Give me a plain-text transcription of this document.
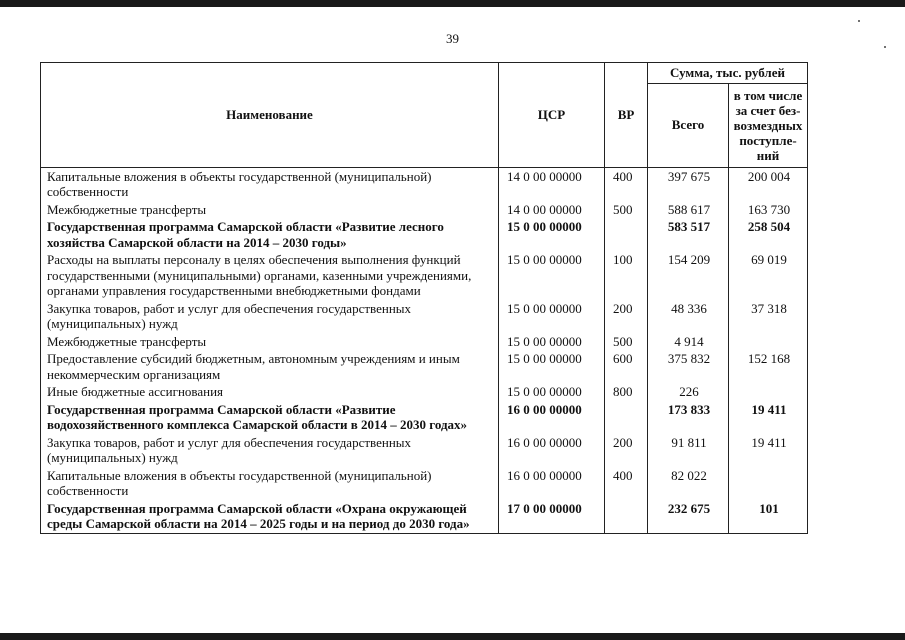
39
Наименование	ЦСР	ВР	Сумма, тыс. рублей	
			Всего	в том числе за счет без-возмездных поступле-ний
Капитальные вложения в объекты государственной (муниципальной) собственности	14 0 00 00000	400	397 675	200 004
Межбюджетные трансферты	14 0 00 00000	500	588 617	163 730
Государственная программа Самарской области «Развитие лесного хозяйства Самарской области на 2014 – 2030 годы»	15 0 00 00000		583 517	258 504
Расходы на выплаты персоналу в целях обеспечения выполнения функций государственными (муниципальными) органами, казенными учреждениями, органами управления государственными внебюджетными фондами	15 0 00 00000	100	154 209	69 019
Закупка товаров, работ и услуг для обеспечения государственных (муниципальных) нужд	15 0 00 00000	200	48 336	37 318
Межбюджетные трансферты	15 0 00 00000	500	4 914	
Предоставление субсидий бюджетным, автономным учреждениям и иным некоммерческим организациям	15 0 00 00000	600	375 832	152 168
Иные бюджетные ассигнования	15 0 00 00000	800	226	
Государственная программа Самарской области «Развитие водохозяйственного комплекса Самарской области в 2014 – 2030 годах»	16 0 00 00000		173 833	19 411
Закупка товаров, работ и услуг для обеспечения государственных (муниципальных) нужд	16 0 00 00000	200	91 811	19 411
Капитальные вложения в объекты государственной (муниципальной) собственности	16 0 00 00000	400	82 022	
Государственная программа Самарской области «Охрана окружающей среды Самарской области на 2014 – 2025 годы и на период до 2030 года»	17 0 00 00000		232 675	101
